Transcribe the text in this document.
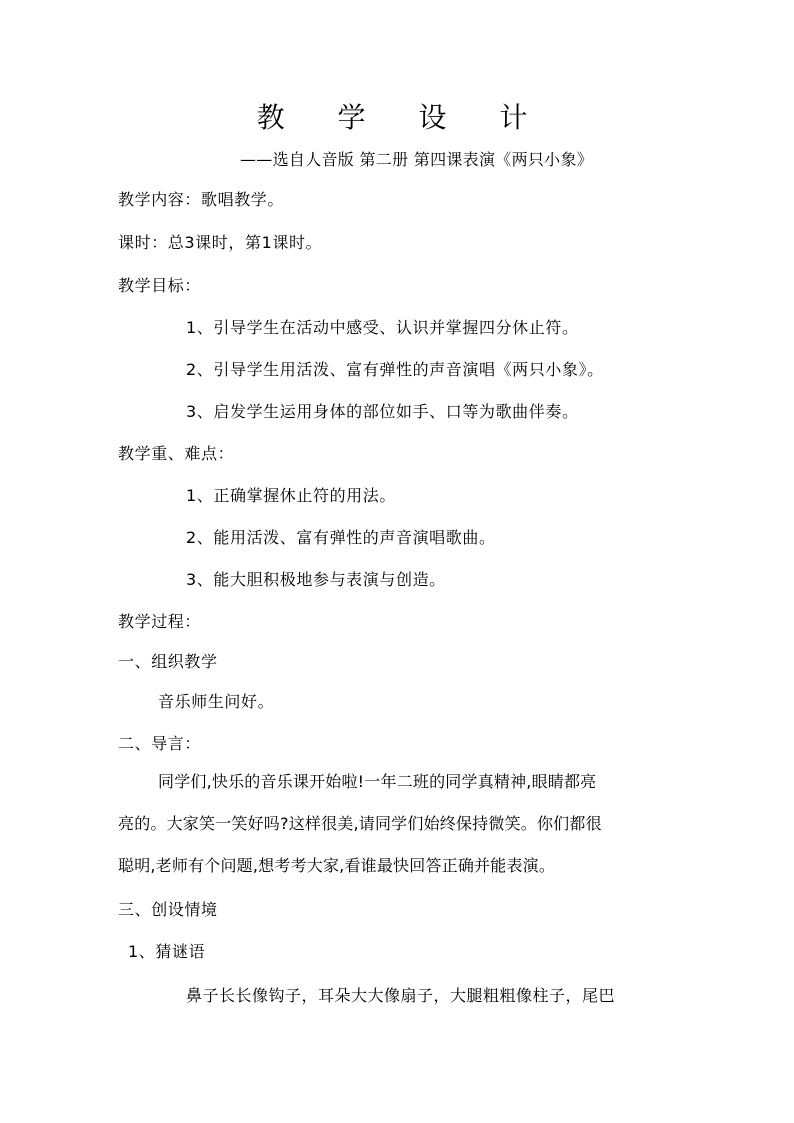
教 学 设 计
——选自人音版 第二册 第四课表演《两只小象》
教学内容：歌唱教学。
课时：总3课时，第1课时。
教学目标：
1、引导学生在活动中感受、认识并掌握四分休止符。
2、引导学生用活泼、富有弹性的声音演唱《两只小象》。
3、启发学生运用身体的部位如手、口等为歌曲伴奏。
教学重、难点：
1、正确掌握休止符的用法。
2、能用活泼、富有弹性的声音演唱歌曲。
3、能大胆积极地参与表演与创造。
教学过程：
一、组织教学
音乐师生问好。
二、导言：
同学们,快乐的音乐课开始啦!一年二班的同学真精神,眼睛都亮
亮的。大家笑一笑好吗?这样很美,请同学们始终保持微笑。你们都很
聪明,老师有个问题,想考考大家,看谁最快回答正确并能表演。
三、创设情境
1、猜谜语
鼻子长长像钩子，耳朵大大像扇子，大腿粗粗像柱子，尾巴
